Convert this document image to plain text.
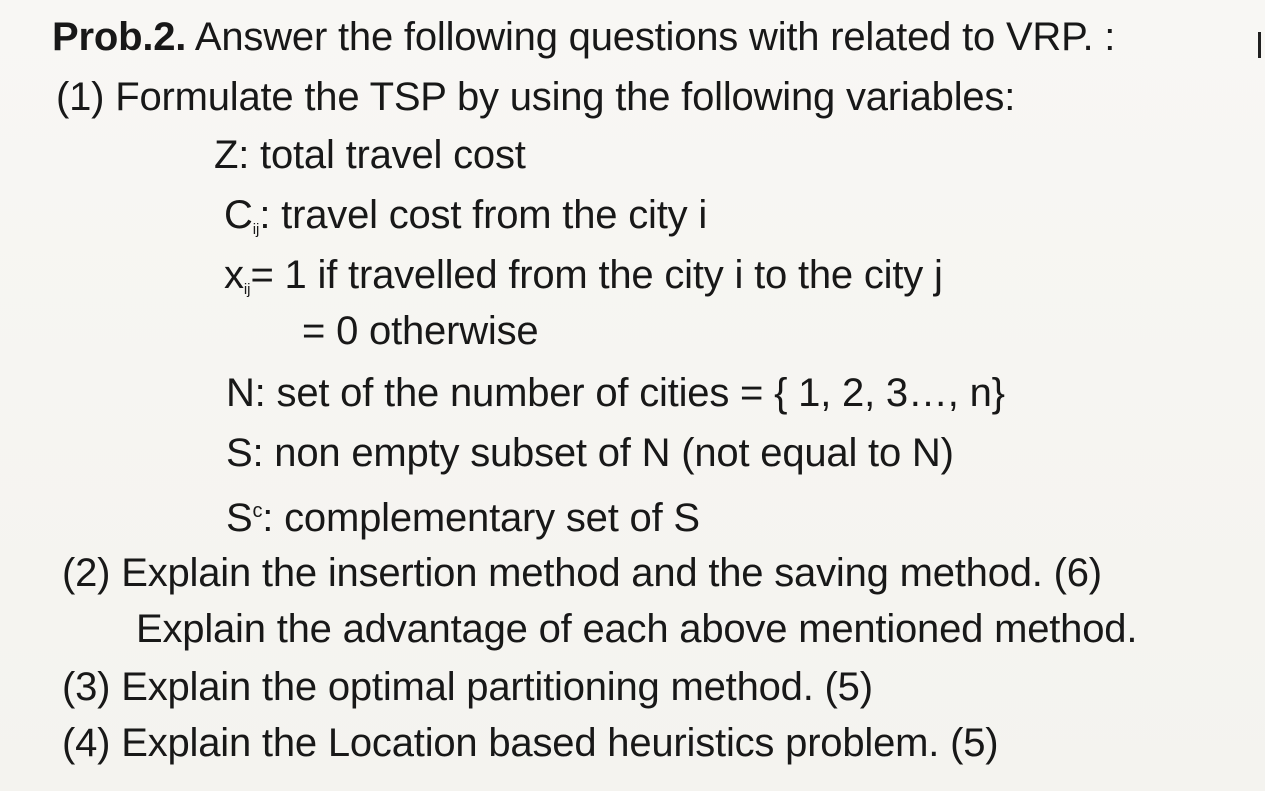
Prob.2. Answer the following questions with related to VRP. :
(1) Formulate the TSP by using the following variables:
Z: total travel cost
$C_{ij}$: travel cost from the city i
$x_{ij}= 1$ if travelled from the city i to the city j
= 0 otherwise
N: set of the number of cities = { 1, 2, 3…, n}
S: non empty subset of N (not equal to N)
$S^c$: complementary set of S
(2) Explain the insertion method and the saving method. (6)
Explain the advantage of each above mentioned method.
(3) Explain the optimal partitioning method. (5)
(4) Explain the Location based heuristics problem. (5)
